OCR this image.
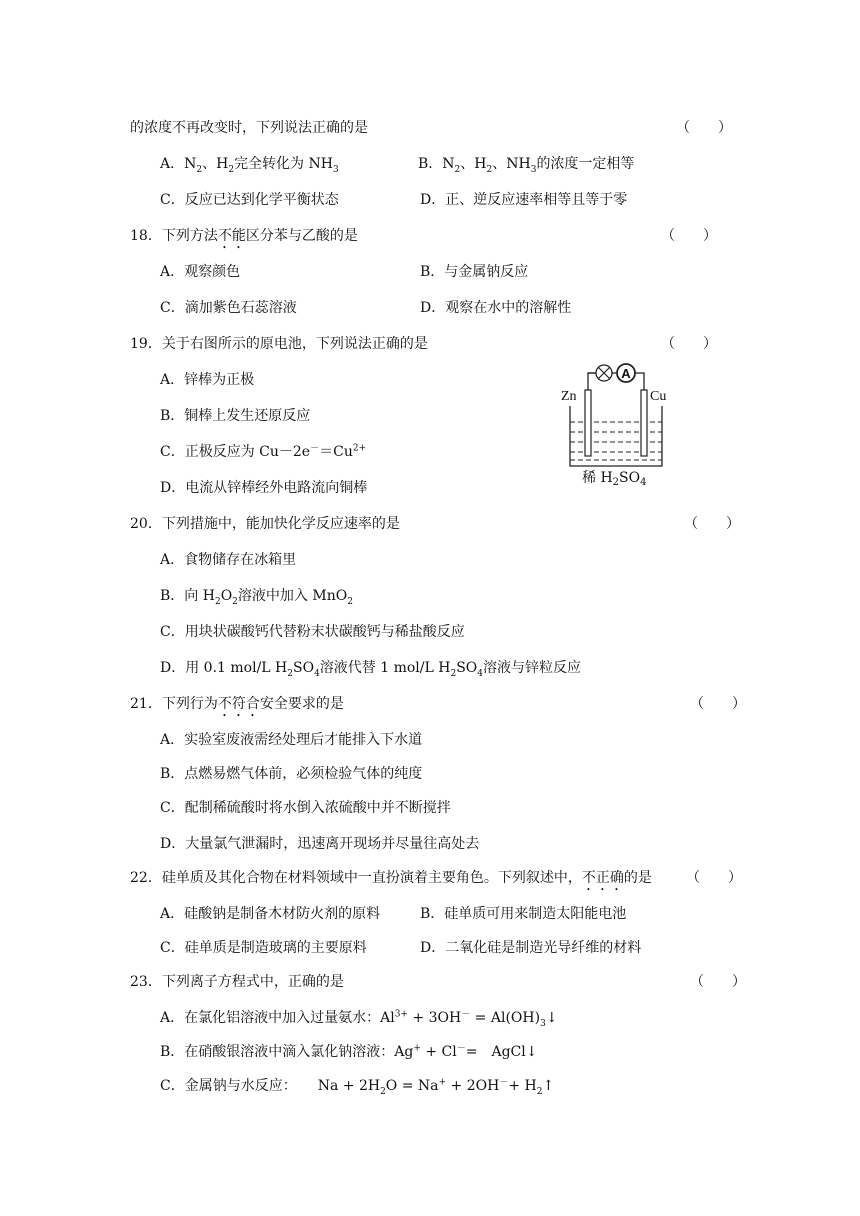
的浓度不再改变时，下列说法正确的是	（　　）
A．$N_2$、$H_2$完全转化为 $NH_3$	B．$N_2$、$H_2$、$NH_3$的浓度一定相等
C．反应已达到化学平衡状态	D．正、逆反应速率相等且等于零
18．下列方法不能区分苯与乙酸的是	（　　）
A．观察颜色	B．与金属钠反应
C．滴加紫色石蕊溶液	D．观察在水中的溶解性
19．关于右图所示的原电池，下列说法正确的是	（　　）
A．锌棒为正极
B．铜棒上发生还原反应
C．正极反应为 $Cu-2e^-=Cu^{2+}$
D．电流从锌棒经外电路流向铜棒
A
Zn	Cu
稀 $H_2SO_4$
20．下列措施中，能加快化学反应速率的是	（　　）
A．食物储存在冰箱里
B．向 $H_2O_2$溶液中加入 MnO$_2$
C．用块状碳酸钙代替粉末状碳酸钙与稀盐酸反应
D．用 0.1 mol/L $H_2SO_4$溶液代替 1 mol/L $H_2SO_4$溶液与锌粒反应
21．下列行为不符合安全要求的是	（　　）
A．实验室废液需经处理后才能排入下水道
B．点燃易燃气体前，必须检验气体的纯度
C．配制稀硫酸时将水倒入浓硫酸中并不断搅拌
D．大量氯气泄漏时，迅速离开现场并尽量往高处去
22．硅单质及其化合物在材料领域中一直扮演着主要角色。下列叙述中，不正确的是 （　　）
A．硅酸钠是制备木材防火剂的原料	B．硅单质可用来制造太阳能电池
C．硅单质是制造玻璃的主要原料	D．二氧化硅是制造光导纤维的材料
23．下列离子方程式中，正确的是	（　　）
A．在氯化铝溶液中加入过量氨水：$Al^{3+} + 3OH^-$ = $Al(OH)_3↓$
B．在硝酸银溶液中滴入氯化钠溶液：Ag+ + Cl－=　AgCl↓
C．金属钠与水反应：　　$Na + 2H_2O = Na^+ + 2OH^-+$ $H_2↑$
